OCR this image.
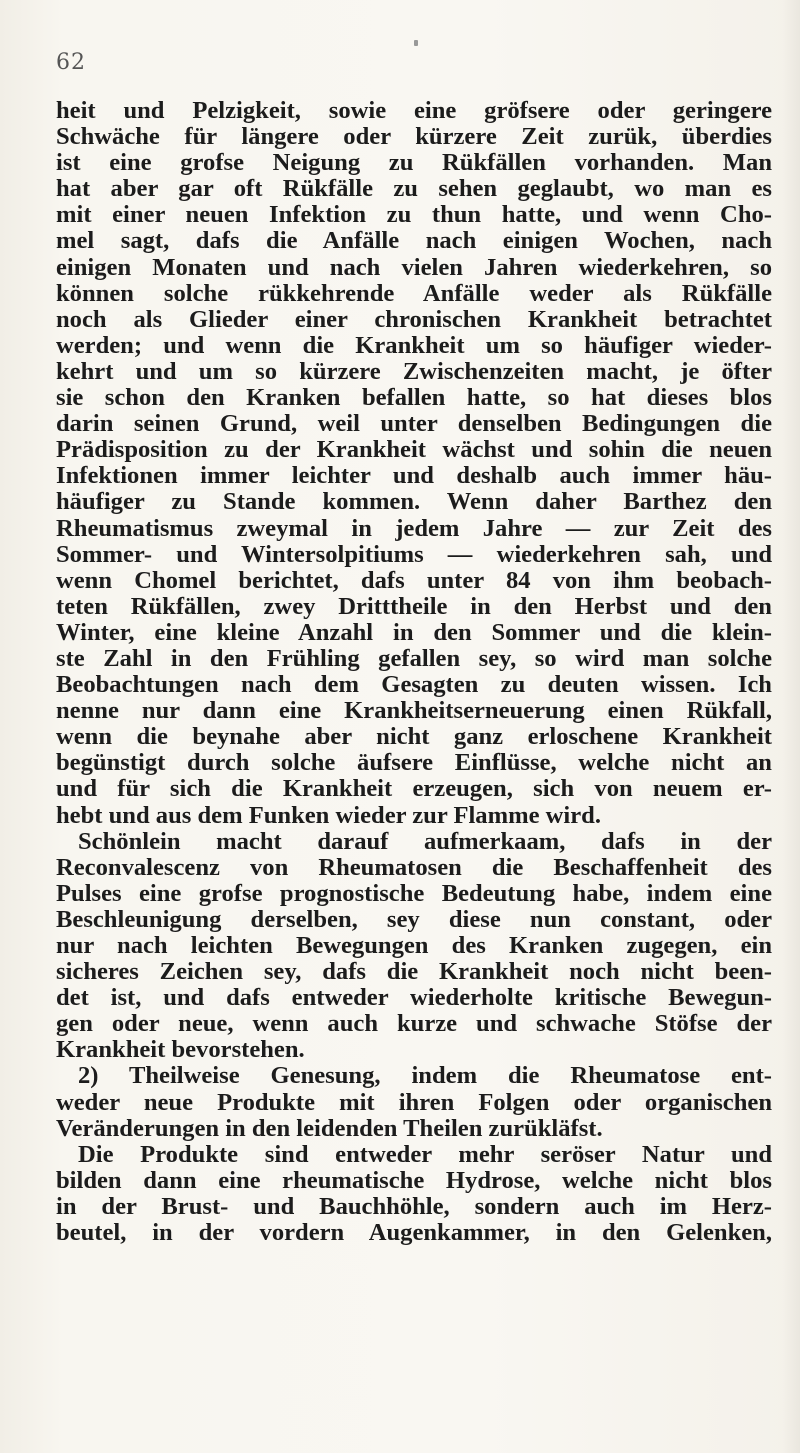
62
heit und Pelzigkeit, sowie eine gröfsere oder geringere
Schwäche für längere oder kürzere Zeit zurük, überdies
ist eine grofse Neigung zu Rükfällen vorhanden. Man
hat aber gar oft Rükfälle zu sehen geglaubt, wo man es
mit einer neuen Infektion zu thun hatte, und wenn Cho-
mel sagt, dafs die Anfälle nach einigen Wochen, nach
einigen Monaten und nach vielen Jahren wiederkehren, so
können solche rükkehrende Anfälle weder als Rükfälle
noch als Glieder einer chronischen Krankheit betrachtet
werden; und wenn die Krankheit um so häufiger wieder-
kehrt und um so kürzere Zwischenzeiten macht, je öfter
sie schon den Kranken befallen hatte, so hat dieses blos
darin seinen Grund, weil unter denselben Bedingungen die
Prädisposition zu der Krankheit wächst und sohin die neuen
Infektionen immer leichter und deshalb auch immer häu-
häufiger zu Stande kommen. Wenn daher Barthez den
Rheumatismus zweymal in jedem Jahre — zur Zeit des
Sommer- und Wintersolpitiums — wiederkehren sah, und
wenn Chomel berichtet, dafs unter 84 von ihm beobach-
teten Rükfällen, zwey Dritttheile in den Herbst und den
Winter, eine kleine Anzahl in den Sommer und die klein-
ste Zahl in den Frühling gefallen sey, so wird man solche
Beobachtungen nach dem Gesagten zu deuten wissen. Ich
nenne nur dann eine Krankheitserneuerung einen Rükfall,
wenn die beynahe aber nicht ganz erloschene Krankheit
begünstigt durch solche äufsere Einflüsse, welche nicht an
und für sich die Krankheit erzeugen, sich von neuem er-
hebt und aus dem Funken wieder zur Flamme wird.
Schönlein macht darauf aufmerkaam, dafs in der
Reconvalescenz von Rheumatosen die Beschaffenheit des
Pulses eine grofse prognostische Bedeutung habe, indem eine
Beschleunigung derselben, sey diese nun constant, oder
nur nach leichten Bewegungen des Kranken zugegen, ein
sicheres Zeichen sey, dafs die Krankheit noch nicht been-
det ist, und dafs entweder wiederholte kritische Bewegun-
gen oder neue, wenn auch kurze und schwache Stöfse der
Krankheit bevorstehen.
2) Theilweise Genesung, indem die Rheumatose ent-
weder neue Produkte mit ihren Folgen oder organischen
Veränderungen in den leidenden Theilen zurükläfst.
Die Produkte sind entweder mehr seröser Natur und
bilden dann eine rheumatische Hydrose, welche nicht blos
in der Brust- und Bauchhöhle, sondern auch im Herz-
beutel, in der vordern Augenkammer, in den Gelenken,
